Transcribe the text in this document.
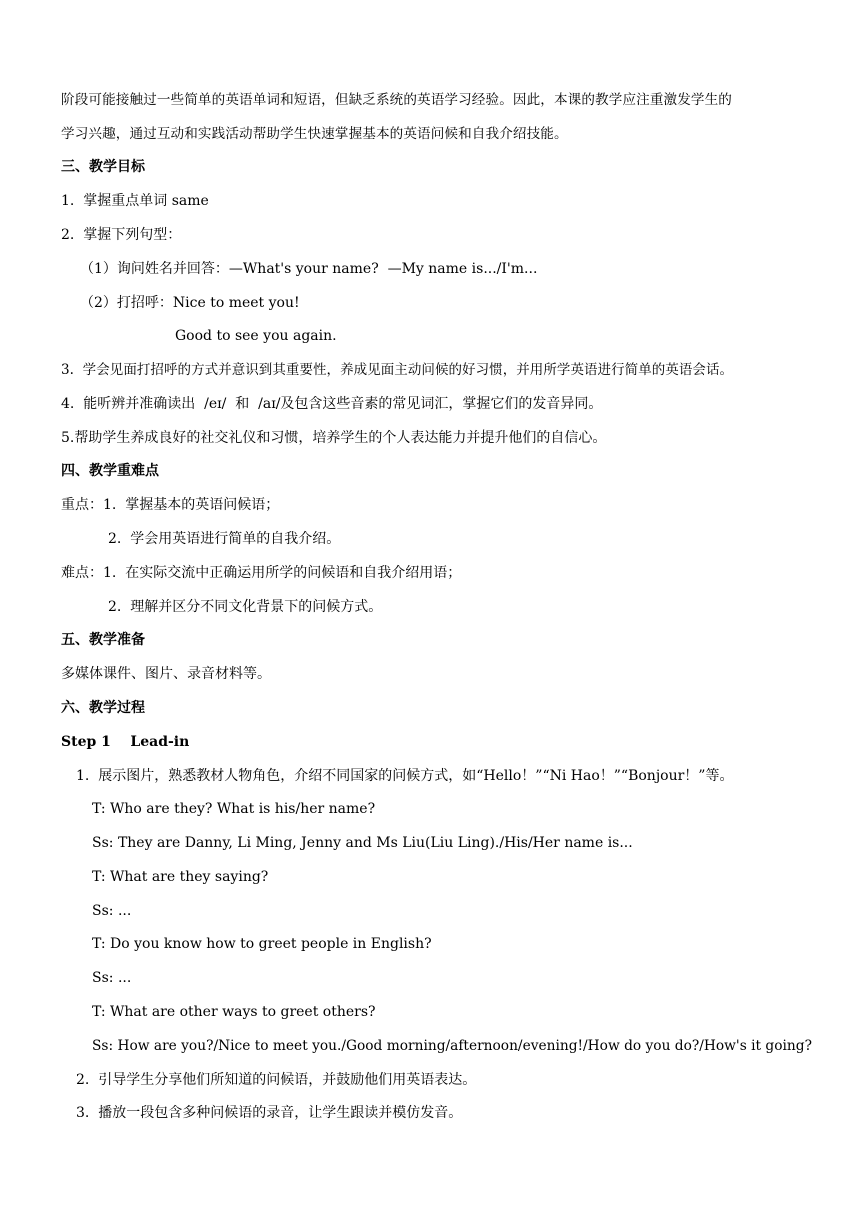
阶段可能接触过一些简单的英语单词和短语，但缺乏系统的英语学习经验。因此，本课的教学应注重激发学生的
学习兴趣，通过互动和实践活动帮助学生快速掌握基本的英语问候和自我介绍技能。
三、教学目标
1.  掌握重点单词 same
2.  掌握下列句型：
（1）询问姓名并回答：—What's your name?  —My name is.../I'm...
（2）打招呼：Nice to meet you!
Good to see you again.
3.  学会见面打招呼的方式并意识到其重要性，养成见面主动问候的好习惯，并用所学英语进行简单的英语会话。
4.  能听辨并准确读出  /eɪ/  和  /aɪ/及包含这些音素的常见词汇，掌握它们的发音异同。
5.帮助学生养成良好的社交礼仪和习惯，培养学生的个人表达能力并提升他们的自信心。
四、教学重难点
重点：1.  掌握基本的英语问候语；
2.  学会用英语进行简单的自我介绍。
难点：1.  在实际交流中正确运用所学的问候语和自我介绍用语；
2.  理解并区分不同文化背景下的问候方式。
五、教学准备
多媒体课件、图片、录音材料等。
六、教学过程
Step 1    Lead-in
1.  展示图片，熟悉教材人物角色，介绍不同国家的问候方式，如“Hello！”“Ni Hao！”“Bonjour！”等。
T: Who are they? What is his/her name?
Ss: They are Danny, Li Ming, Jenny and Ms Liu(Liu Ling)./His/Her name is...
T: What are they saying?
Ss: ...
T: Do you know how to greet people in English?
Ss: ...
T: What are other ways to greet others?
Ss: How are you?/Nice to meet you./Good morning/afternoon/evening!/How do you do?/How's it going?
2.  引导学生分享他们所知道的问候语，并鼓励他们用英语表达。
3.  播放一段包含多种问候语的录音，让学生跟读并模仿发音。
